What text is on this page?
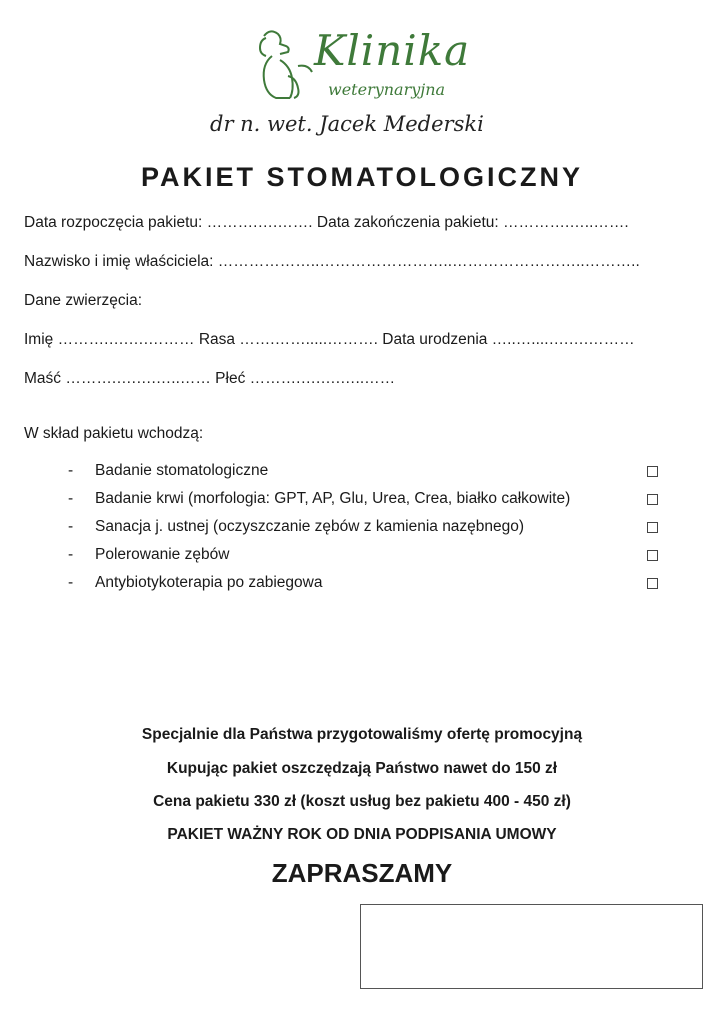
Klinika
weterynaryjna
dr n. wet. Jacek Mederski
PAKIET STOMATOLOGICZNY
Data rozpoczęcia pakietu: ……….….……. Data zakończenia pakietu: ………….…..…….
Nazwisko i imię właściciela: ………………..……………………..……………………..………..
Dane zwierzęcia:
Imię ……….….….……… Rasa …….…….....………. Data urodzenia …..…....….….………
Maść ……….….….…..…… Płeć ……….….….…..……
W skład pakietu wchodzą:
- Badanie stomatologiczne
- Badanie krwi (morfologia: GPT, AP, Glu, Urea, Crea, białko całkowite)
- Sanacja j. ustnej (oczyszczanie zębów z kamienia nazębnego)
- Polerowanie zębów
- Antybiotykoterapia po zabiegowa
Specjalnie dla Państwa przygotowaliśmy ofertę promocyjną
Kupując pakiet oszczędzają Państwo nawet do 150 zł
Cena pakietu 330 zł (koszt usług bez pakietu 400 - 450 zł)
PAKIET WAŻNY ROK OD DNIA PODPISANIA UMOWY
ZAPRASZAMY
